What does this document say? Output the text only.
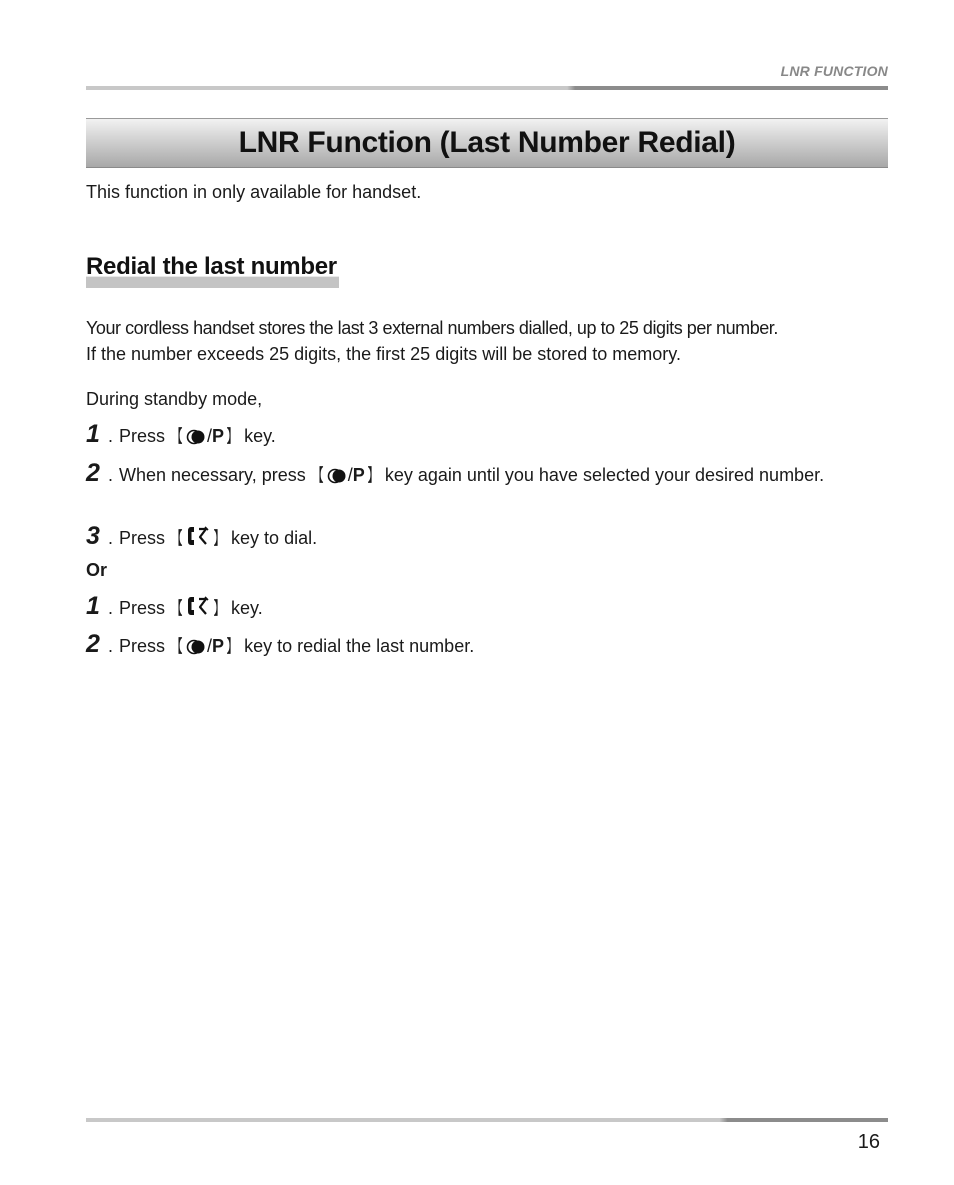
LNR FUNCTION
LNR Function (Last Number Redial)

This function in only available for handset.

Redial the last number

Your cordless handset stores the last 3 external numbers dialled, up to 25 digits per number.

If the number exceeds 25 digits, the first 25 digits will be stored to memory.

During standby mode,

1 . Press 【 /P 】 key.
2 . When necessary, press 【 /P 】 key again until you have selected your desired number.
3 . Press 【 】 key to dial.
Or
1 . Press 【 】 key.
2 . Press 【 /P 】 key to redial the last number.
16
